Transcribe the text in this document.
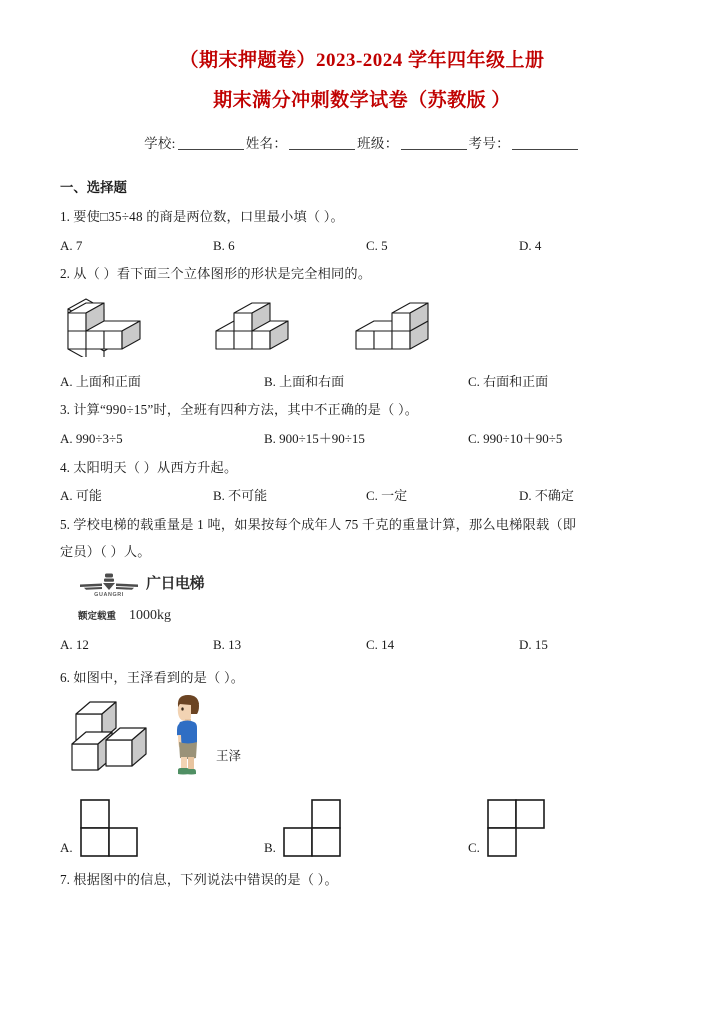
（期末押题卷）2023-2024 学年四年级上册
期末满分冲刺数学试卷（苏教版 ）
学校:	姓名：	班级：	考号：
一、选择题
1. 要使□35÷48 的商是两位数，口里最小填（ ）。
A. 7	B. 6	C. 5	D. 4
2. 从（ ）看下面三个立体图形的形状是完全相同的。
A. 上面和正面	B. 上面和右面	C. 右面和正面
3. 计算“990÷15”时，全班有四种方法，其中不正确的是（ ）。
A. 990÷3÷5	B. 900÷15＋90÷15	C. 990÷10＋90÷5
4. 太阳明天（ ）从西方升起。
A. 可能	B. 不可能	C. 一定	D. 不确定
5. 学校电梯的载重量是 1 吨，如果按每个成年人 75 千克的重量计算，那么电梯限载（即
定员）（ ）人。
GUANGRI
广日电梯
额定载重 1000kg
A. 12	B. 13	C. 14	D. 15
6. 如图中，王泽看到的是（ ）。
王泽
A.	B.	C.
7. 根据图中的信息，下列说法中错误的是（ ）。
